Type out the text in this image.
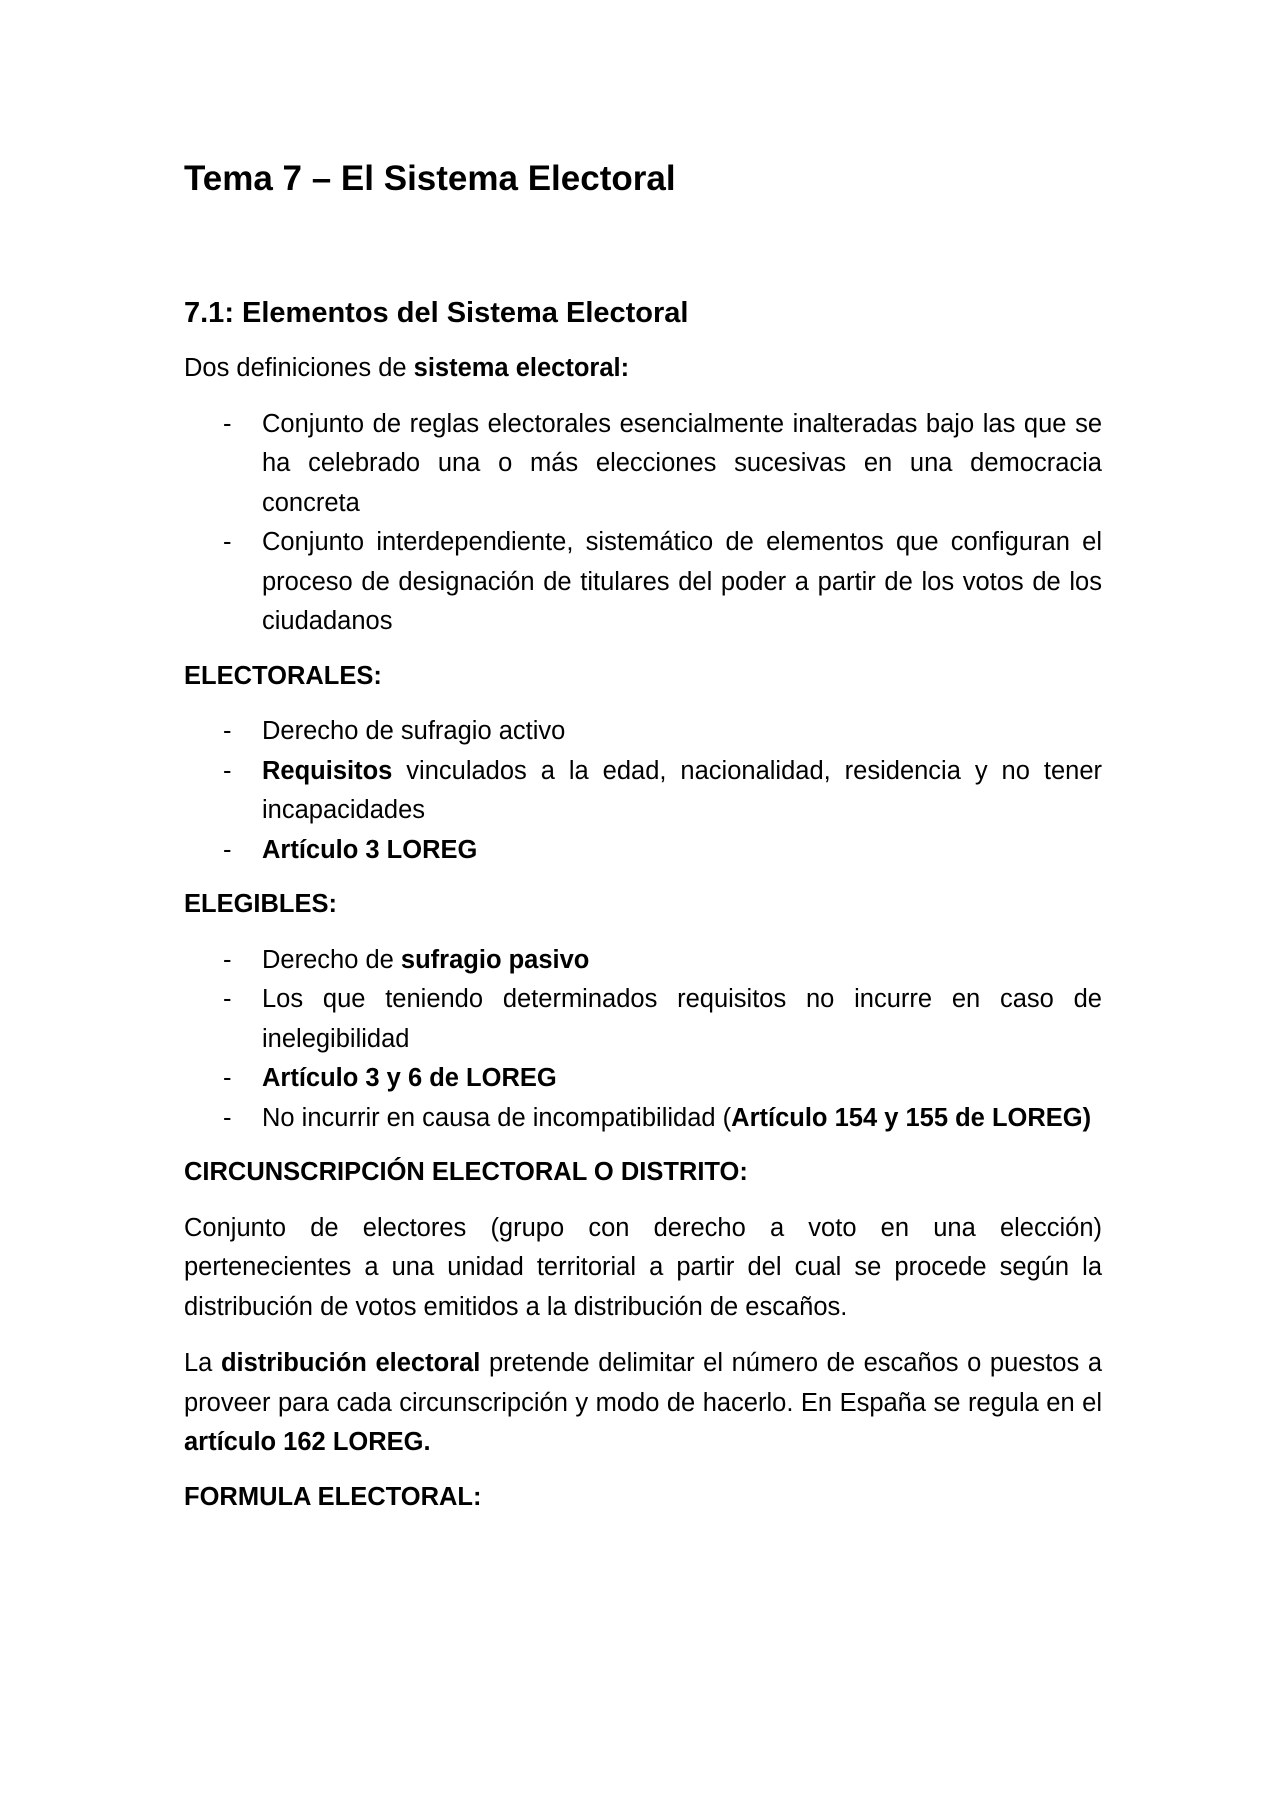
Tema 7 – El Sistema Electoral
7.1: Elementos del Sistema Electoral

Dos definiciones de sistema electoral:

- Conjunto de reglas electorales esencialmente inalteradas bajo las que se ha celebrado una o más elecciones sucesivas en una democracia concreta
- Conjunto interdependiente, sistemático de elementos que configuran el proceso de designación de titulares del poder a partir de los votos de los ciudadanos

ELECTORALES:

- Derecho de sufragio activo
- Requisitos vinculados a la edad, nacionalidad, residencia y no tener incapacidades
- Artículo 3 LOREG

ELEGIBLES:

- Derecho de sufragio pasivo
- Los que teniendo determinados requisitos no incurre en caso de inelegibilidad
- Artículo 3 y 6 de LOREG
- No incurrir en causa de incompatibilidad (Artículo 154 y 155 de LOREG)

CIRCUNSCRIPCIÓN ELECTORAL O DISTRITO:

Conjunto de electores (grupo con derecho a voto en una elección) pertenecientes a una unidad territorial a partir del cual se procede según la distribución de votos emitidos a la distribución de escaños.

La distribución electoral pretende delimitar el número de escaños o puestos a proveer para cada circunscripción y modo de hacerlo. En España se regula en el artículo 162 LOREG.

FORMULA ELECTORAL:
